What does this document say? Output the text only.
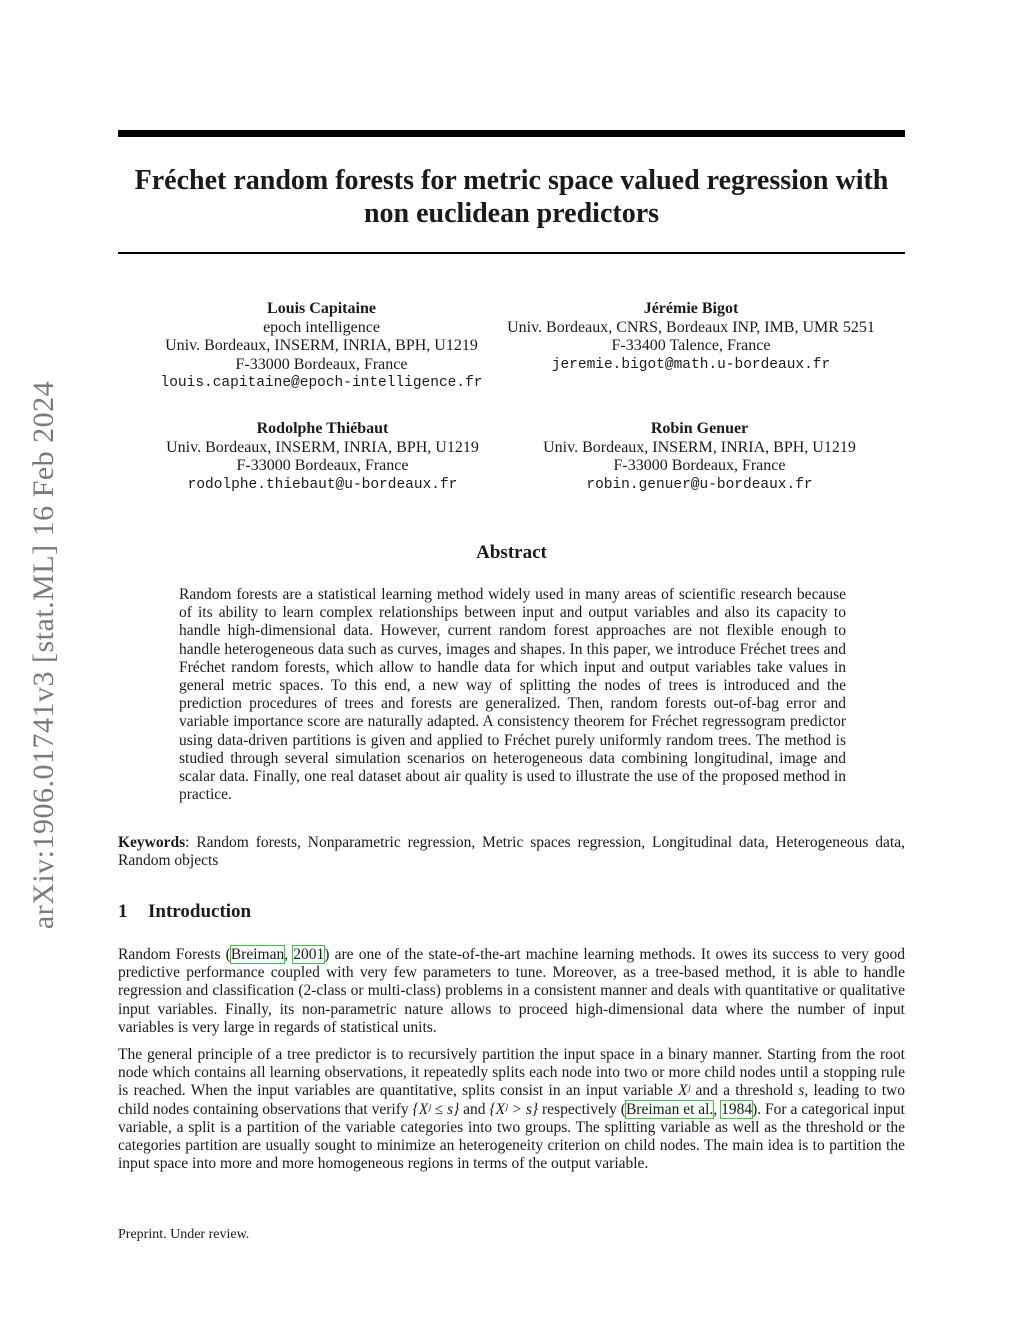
arXiv:1906.01741v3 [stat.ML] 16 Feb 2024
Fréchet random forests for metric space valued regression with non euclidean predictors
Louis Capitaine
epoch intelligence
Univ. Bordeaux, INSERM, INRIA, BPH, U1219
F-33000 Bordeaux, France
louis.capitaine@epoch-intelligence.fr
Jérémie Bigot
Univ. Bordeaux, CNRS, Bordeaux INP, IMB, UMR 5251
F-33400 Talence, France
jeremie.bigot@math.u-bordeaux.fr
Rodolphe Thiébaut
Univ. Bordeaux, INSERM, INRIA, BPH, U1219
F-33000 Bordeaux, France
rodolphe.thiebaut@u-bordeaux.fr
Robin Genuer
Univ. Bordeaux, INSERM, INRIA, BPH, U1219
F-33000 Bordeaux, France
robin.genuer@u-bordeaux.fr
Abstract

Random forests are a statistical learning method widely used in many areas of scientific research because of its ability to learn complex relationships between input and output variables and also its capacity to handle high-dimensional data. However, current random forest approaches are not flexible enough to handle heterogeneous data such as curves, images and shapes. In this paper, we introduce Fréchet trees and Fréchet random forests, which allow to handle data for which input and output variables take values in general metric spaces. To this end, a new way of splitting the nodes of trees is introduced and the prediction procedures of trees and forests are generalized. Then, random forests out-of-bag error and variable importance score are naturally adapted. A consistency theorem for Fréchet regressogram predictor using data-driven partitions is given and applied to Fréchet purely uniformly random trees. The method is studied through several simulation scenarios on heterogeneous data combining longitudinal, image and scalar data. Finally, one real dataset about air quality is used to illustrate the use of the proposed method in practice.

Keywords: Random forests, Nonparametric regression, Metric spaces regression, Longitudinal data, Heterogeneous data, Random objects

1 Introduction

Random Forests (Breiman, 2001) are one of the state-of-the-art machine learning methods. It owes its success to very good predictive performance coupled with very few parameters to tune. Moreover, as a tree-based method, it is able to handle regression and classification (2-class or multi-class) problems in a consistent manner and deals with quantitative or qualitative input variables. Finally, its non-parametric nature allows to proceed high-dimensional data where the number of input variables is very large in regards of statistical units.

The general principle of a tree predictor is to recursively partition the input space in a binary manner. Starting from the root node which contains all learning observations, it repeatedly splits each node into two or more child nodes until a stopping rule is reached. When the input variables are quantitative, splits consist in an input variable Xʲ and a threshold s, leading to two child nodes containing observations that verify {Xʲ ≤ s} and {Xʲ > s} respectively (Breiman et al., 1984). For a categorical input variable, a split is a partition of the variable categories into two groups. The splitting variable as well as the threshold or the categories partition are usually sought to minimize an heterogeneity criterion on child nodes. The main idea is to partition the input space into more and more homogeneous regions in terms of the output variable.

Preprint. Under review.
